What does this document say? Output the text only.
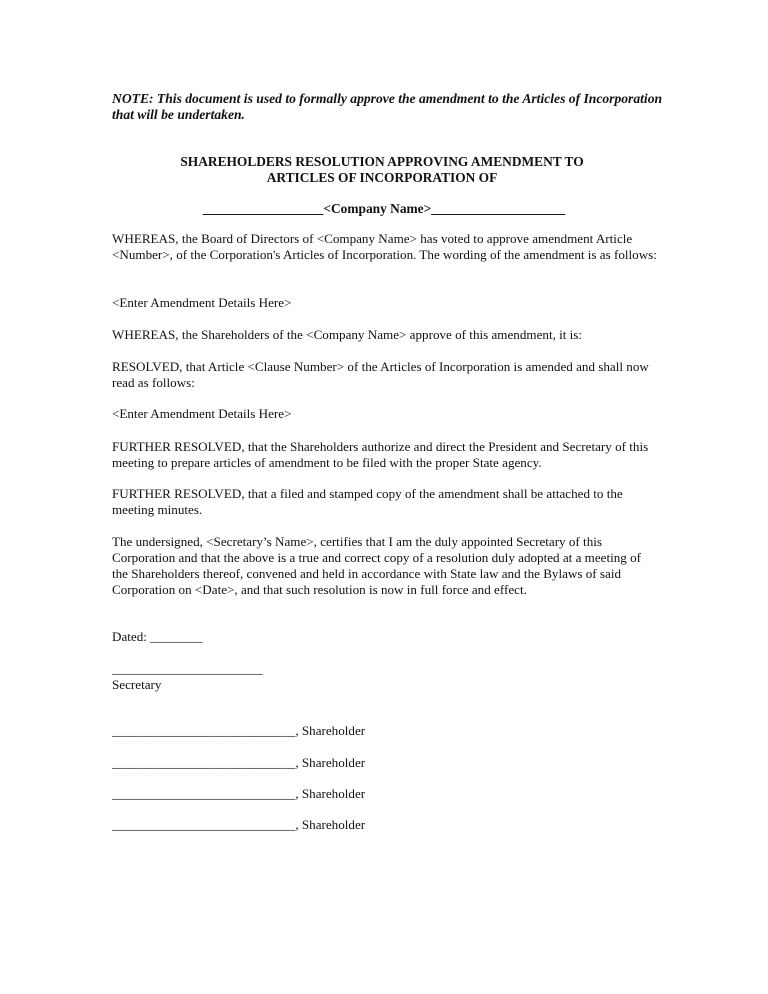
NOTE: This document is used to formally approve the amendment to the Articles of Incorporation that will be undertaken.
SHAREHOLDERS RESOLUTION APPROVING AMENDMENT TO
ARTICLES OF INCORPORATION OF
__________________<Company Name>____________________
WHEREAS, the Board of Directors of <Company Name> has voted to approve amendment Article <Number>, of the Corporation's Articles of Incorporation. The wording of the amendment is as follows:
<Enter Amendment Details Here>
WHEREAS, the Shareholders of the <Company Name> approve of this amendment, it is:
RESOLVED, that Article <Clause Number> of the Articles of Incorporation is amended and shall now read as follows:
<Enter Amendment Details Here>
FURTHER RESOLVED, that the Shareholders authorize and direct the President and Secretary of this meeting to prepare articles of amendment to be filed with the proper State agency.
FURTHER RESOLVED, that a filed and stamped copy of the amendment shall be attached to the meeting minutes.
The undersigned, <Secretary’s Name>, certifies that I am the duly appointed Secretary of this Corporation and that the above is a true and correct copy of a resolution duly adopted at a meeting of the Shareholders thereof, convened and held in accordance with State law and the Bylaws of said Corporation on <Date>, and that such resolution is now in full force and effect.
Dated: ________
_______________________
Secretary
____________________________, Shareholder
____________________________, Shareholder
____________________________, Shareholder
____________________________, Shareholder
